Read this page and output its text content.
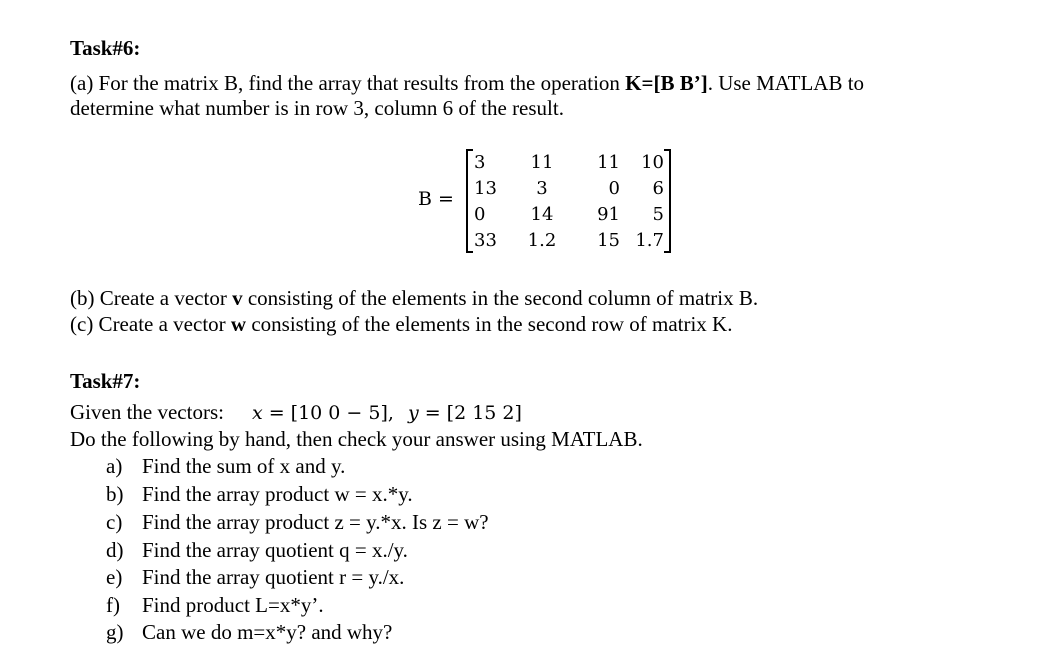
Task#6:
(a) For the matrix B, find the array that results from the operation K=[B B’]. Use MATLAB to
determine what number is in row 3, column 6 of the result.
B =
3	11	11	10
13	3	0	6
0	14	91	5
33	1.2	15 1.7
(b) Create a vector v consisting of the elements in the second column of matrix B.
(c) Create a vector w consisting of the elements in the second row of matrix K.
Task#7:
Given the vectors: x = [10 0 − 5], y = [2 15 2]
Do the following by hand, then check your answer using MATLAB.
a) Find the sum of x and y.
b) Find the array product w = x.*y.
c) Find the array product z = y.*x. Is z = w?
d) Find the array quotient q = x./y.
e) Find the array quotient r = y./x.
f) Find product L=x*y’.
g) Can we do m=x*y? and why?
